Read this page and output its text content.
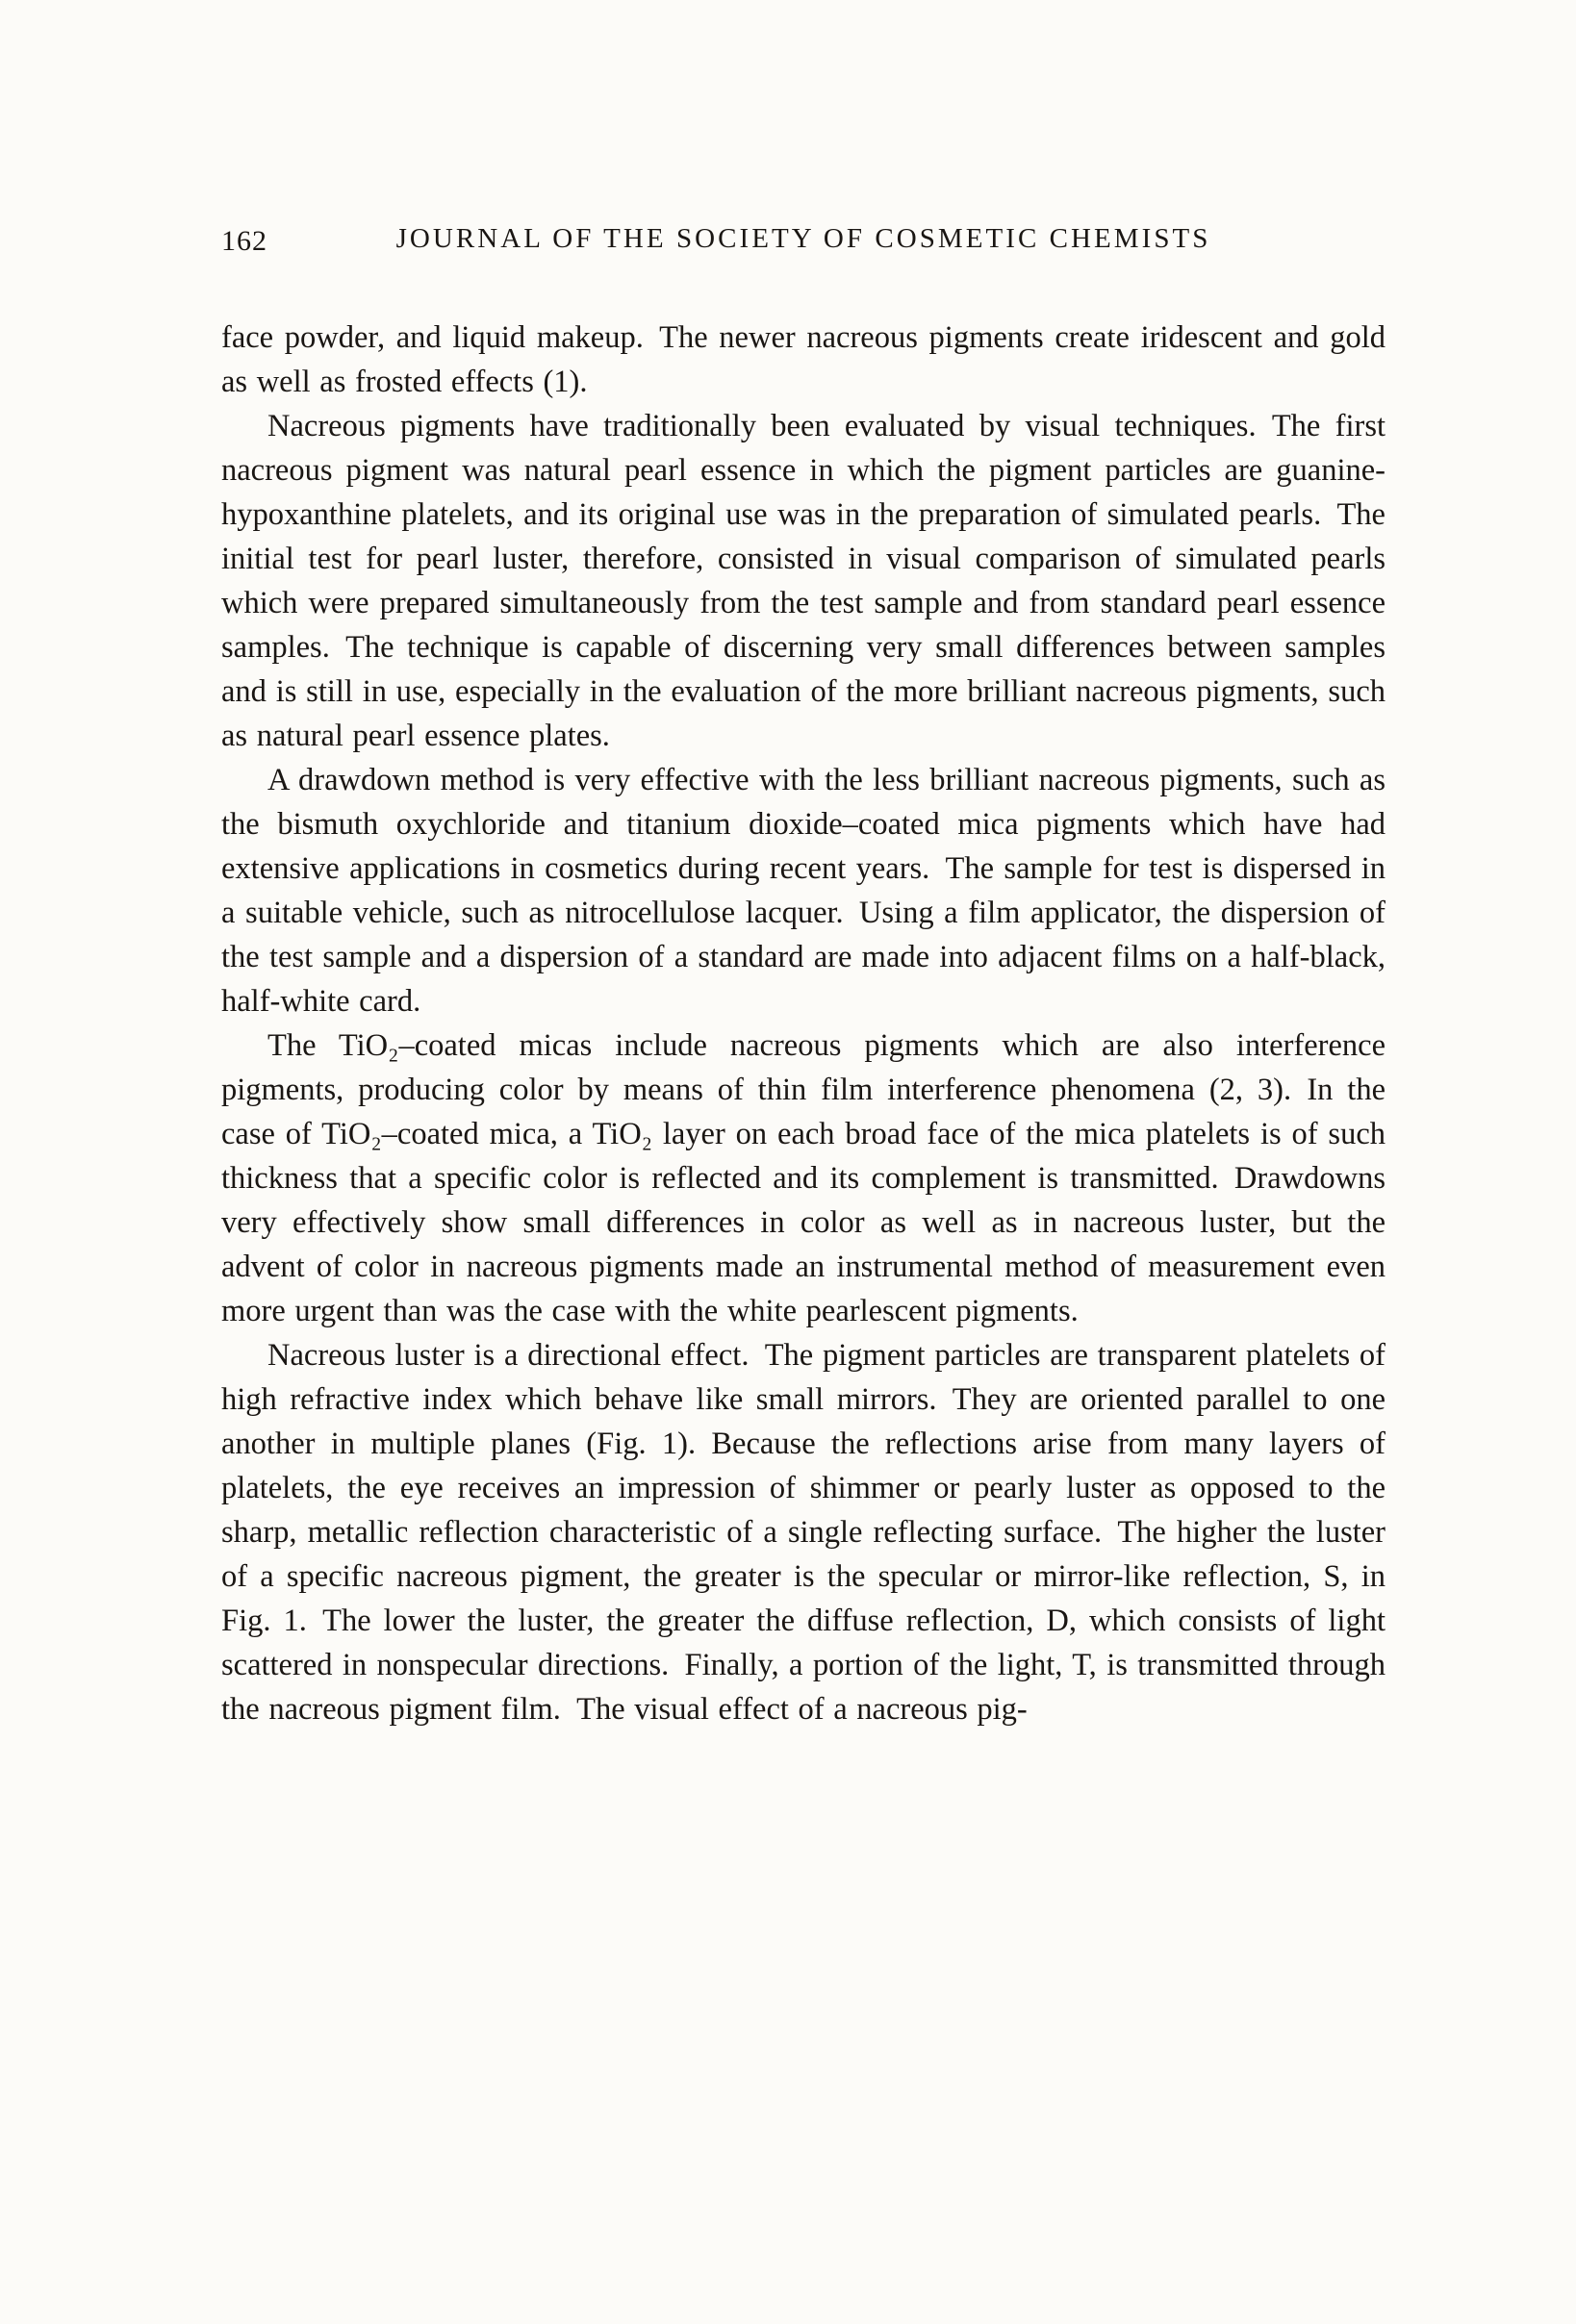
162	JOURNAL OF THE SOCIETY OF COSMETIC CHEMISTS

face powder, and liquid makeup. The newer nacreous pigments create iridescent and gold as well as frosted effects (1).

Nacreous pigments have traditionally been evaluated by visual techniques. The first nacreous pigment was natural pearl essence in which the pigment particles are guanine-hypoxanthine platelets, and its original use was in the preparation of simulated pearls. The initial test for pearl luster, therefore, consisted in visual comparison of simulated pearls which were prepared simultaneously from the test sample and from standard pearl essence samples. The technique is capable of discerning very small differences between samples and is still in use, especially in the evaluation of the more brilliant nacreous pigments, such as natural pearl essence plates.

A drawdown method is very effective with the less brilliant nacreous pigments, such as the bismuth oxychloride and titanium dioxide–coated mica pigments which have had extensive applications in cosmetics during recent years. The sample for test is dispersed in a suitable vehicle, such as nitrocellulose lacquer. Using a film applicator, the dispersion of the test sample and a dispersion of a standard are made into adjacent films on a half-black, half-white card.

The TiO₂–coated micas include nacreous pigments which are also interference pigments, producing color by means of thin film interference phenomena (2, 3). In the case of TiO₂–coated mica, a TiO₂ layer on each broad face of the mica platelets is of such thickness that a specific color is reflected and its complement is transmitted. Drawdowns very effectively show small differences in color as well as in nacreous luster, but the advent of color in nacreous pigments made an instrumental method of measurement even more urgent than was the case with the white pearlescent pigments.

Nacreous luster is a directional effect. The pigment particles are transparent platelets of high refractive index which behave like small mirrors. They are oriented parallel to one another in multiple planes (Fig. 1). Because the reflections arise from many layers of platelets, the eye receives an impression of shimmer or pearly luster as opposed to the sharp, metallic reflection characteristic of a single reflecting surface. The higher the luster of a specific nacreous pigment, the greater is the specular or mirror-like reflection, S, in Fig. 1. The lower the luster, the greater the diffuse reflection, D, which consists of light scattered in nonspecular directions. Finally, a portion of the light, T, is transmitted through the nacreous pigment film. The visual effect of a nacreous pig-
